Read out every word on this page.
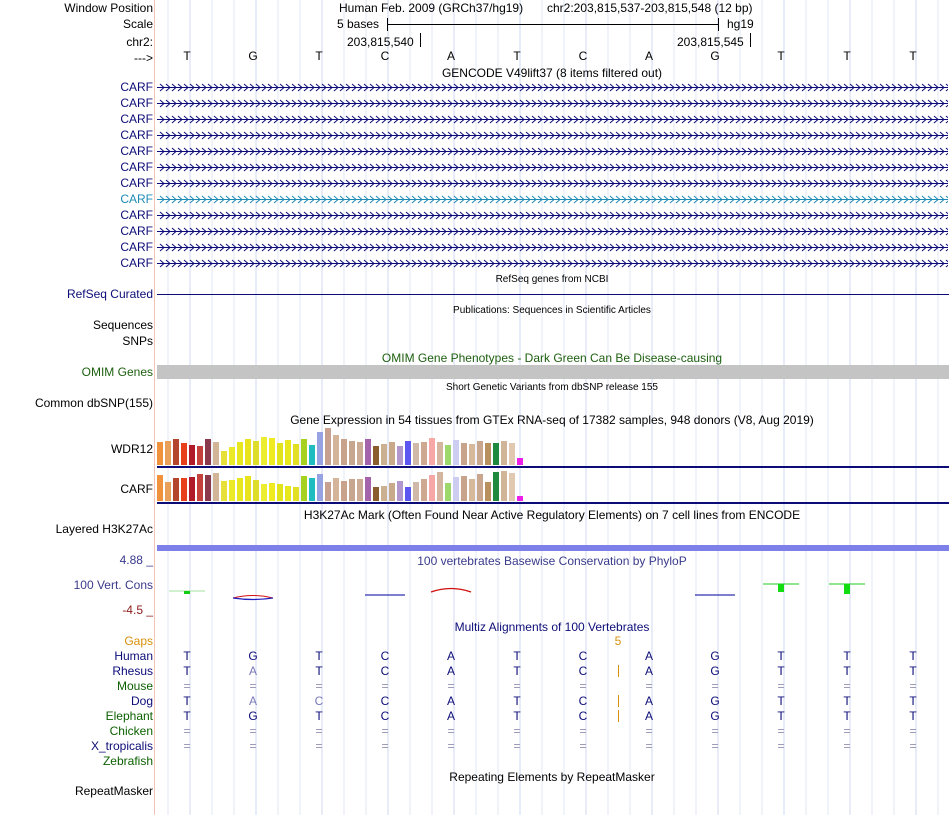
Window Position
Scale
chr2:
--->
Human Feb. 2009 (GRCh37/hg19) chr2:203,815,537-203,815,548 (12 bp)
5 bases	hg19
203,815,540	203,815,545
T	G	T	C	A	T	C	A	G	T	T	T
GENCODE V49lift37 (8 items filtered out)
CARF
CARF
CARF
CARF
CARF
CARF
CARF
CARF
CARF
CARF
CARF
CARF
RefSeq genes from NCBI
RefSeq Curated
Publications: Sequences in Scientific Articles
Sequences
SNPs
OMIM Gene Phenotypes - Dark Green Can Be Disease-causing
OMIM Genes
Short Genetic Variants from dbSNP release 155
Common dbSNP(155)
Gene Expression in 54 tissues from GTEx RNA-seq of 17382 samples, 948 donors (V8, Aug 2019)
WDR12
CARF
H3K27Ac Mark (Often Found Near Active Regulatory Elements) on 7 cell lines from ENCODE
Layered H3K27Ac
100 vertebrates Basewise Conservation by PhyloP
4.88 _
100 Vert. Cons
-4.5 _
Multiz Alignments of 100 Vertebrates
Gaps	5
Human	T	G	T	C	A	T	C	A	G	T	T	T
Rhesus	T	A	T	C	A	T	C	A	G	T	T	T
Mouse	=	=	=	=	=	=	=	=	=	=	=	=
Dog	T	A	C	C	A	T	C	A	G	T	T	T
Elephant	T	G	T	C	A	T	C	A	G	T	T	T
Chicken	=	=	=	=	=	=	=	=	=	=	=	=
X_tropicalis	=	=	=	=	=	=	=	=	=	=	=	=
Zebrafish
Repeating Elements by RepeatMasker
RepeatMasker
